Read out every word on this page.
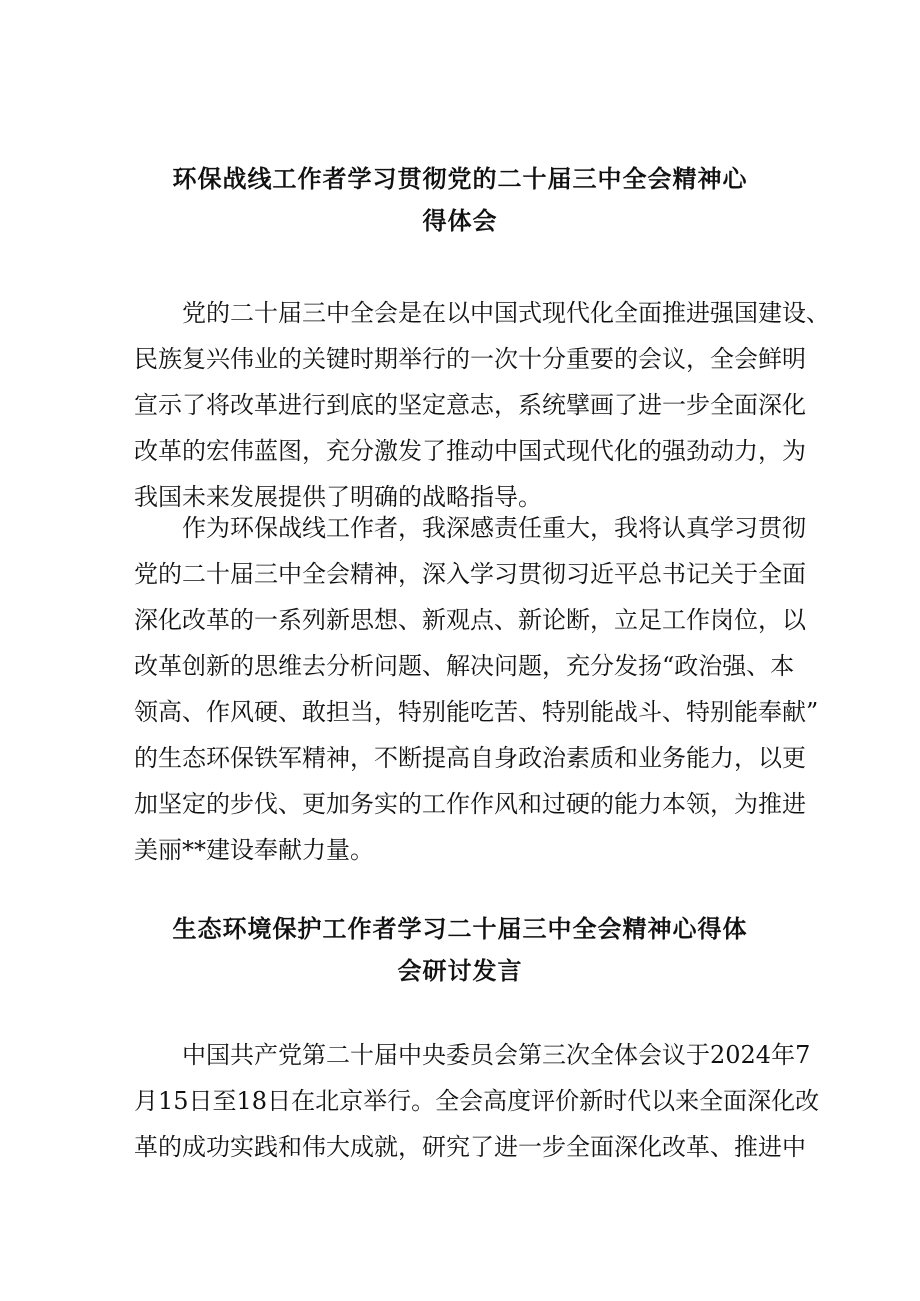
环保战线工作者学习贯彻党的二十届三中全会精神心
得体会

党的二十届三中全会是在以中国式现代化全面推进强国建设、
民族复兴伟业的关键时期举行的一次十分重要的会议，全会鲜明
宣示了将改革进行到底的坚定意志，系统擘画了进一步全面深化
改革的宏伟蓝图，充分激发了推动中国式现代化的强劲动力，为
我国未来发展提供了明确的战略指导。

作为环保战线工作者，我深感责任重大，我将认真学习贯彻
党的二十届三中全会精神，深入学习贯彻习近平总书记关于全面
深化改革的一系列新思想、新观点、新论断，立足工作岗位，以
改革创新的思维去分析问题、解决问题，充分发扬“政治强、本
领高、作风硬、敢担当，特别能吃苦、特别能战斗、特别能奉献”
的生态环保铁军精神，不断提高自身政治素质和业务能力，以更
加坚定的步伐、更加务实的工作作风和过硬的能力本领，为推进
美丽**建设奉献力量。

生态环境保护工作者学习二十届三中全会精神心得体
会研讨发言

中国共产党第二十届中央委员会第三次全体会议于2024年7
月15日至18日在北京举行。全会高度评价新时代以来全面深化改
革的成功实践和伟大成就，研究了进一步全面深化改革、推进中
